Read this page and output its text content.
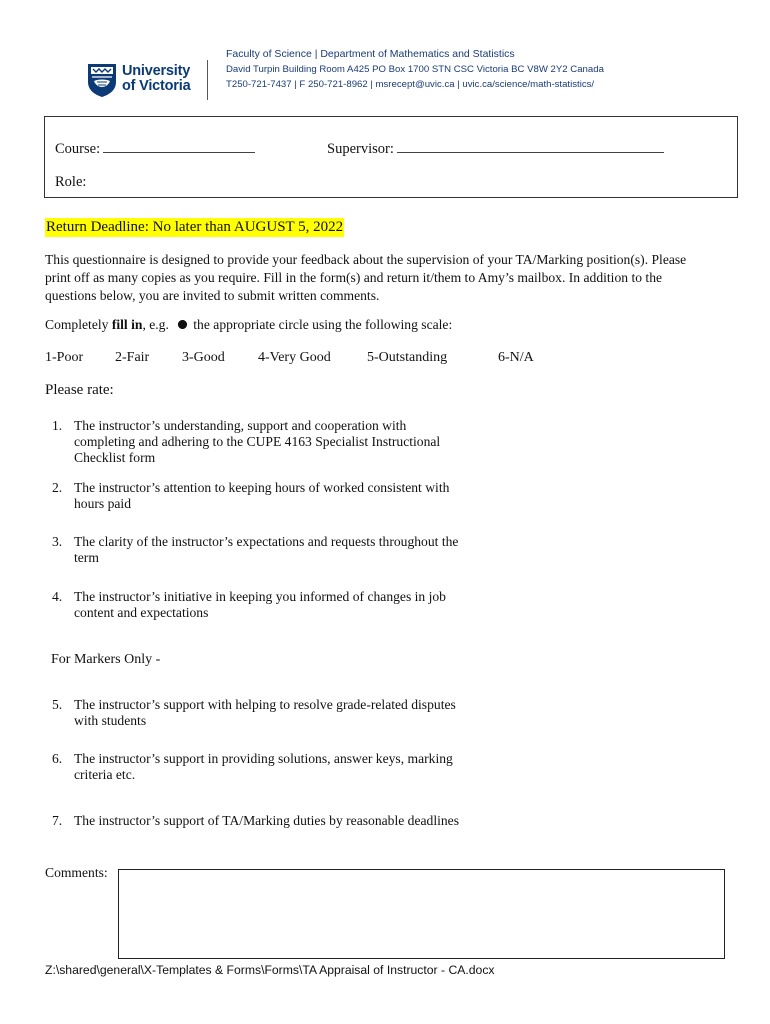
University
of Victoria
Faculty of Science | Department of Mathematics and Statistics
David Turpin Building Room A425 PO Box 1700 STN CSC Victoria BC V8W 2Y2 Canada
T250-721-7437 | F 250-721-8962 | msrecept@uvic.ca | uvic.ca/science/math-statistics/
Course:	Supervisor:
Role:
Return Deadline: No later than AUGUST 5, 2022
This questionnaire is designed to provide your feedback about the supervision of your TA/Marking position(s). Please
print off as many copies as you require. Fill in the form(s) and return it/them to Amy’s mailbox. In addition to the
questions below, you are invited to submit written comments.
Completely fill in, e.g. the appropriate circle using the following scale:
1-Poor 2-Fair 3-Good 4-Very Good	5-Outstanding	6-N/A
Please rate:
1. The instructor’s understanding, support and cooperation with
completing and adhering to the CUPE 4163 Specialist Instructional
Checklist form
2. The instructor’s attention to keeping hours of worked consistent with
hours paid
3. The clarity of the instructor’s expectations and requests throughout the
term
4. The instructor’s initiative in keeping you informed of changes in job
content and expectations
For Markers Only -
5. The instructor’s support with helping to resolve grade-related disputes
with students
6. The instructor’s support in providing solutions, answer keys, marking
criteria etc.
7. The instructor’s support of TA/Marking duties by reasonable deadlines
Comments:
Z:\shared\general\X-Templates & Forms\Forms\TA Appraisal of Instructor - CA.docx
